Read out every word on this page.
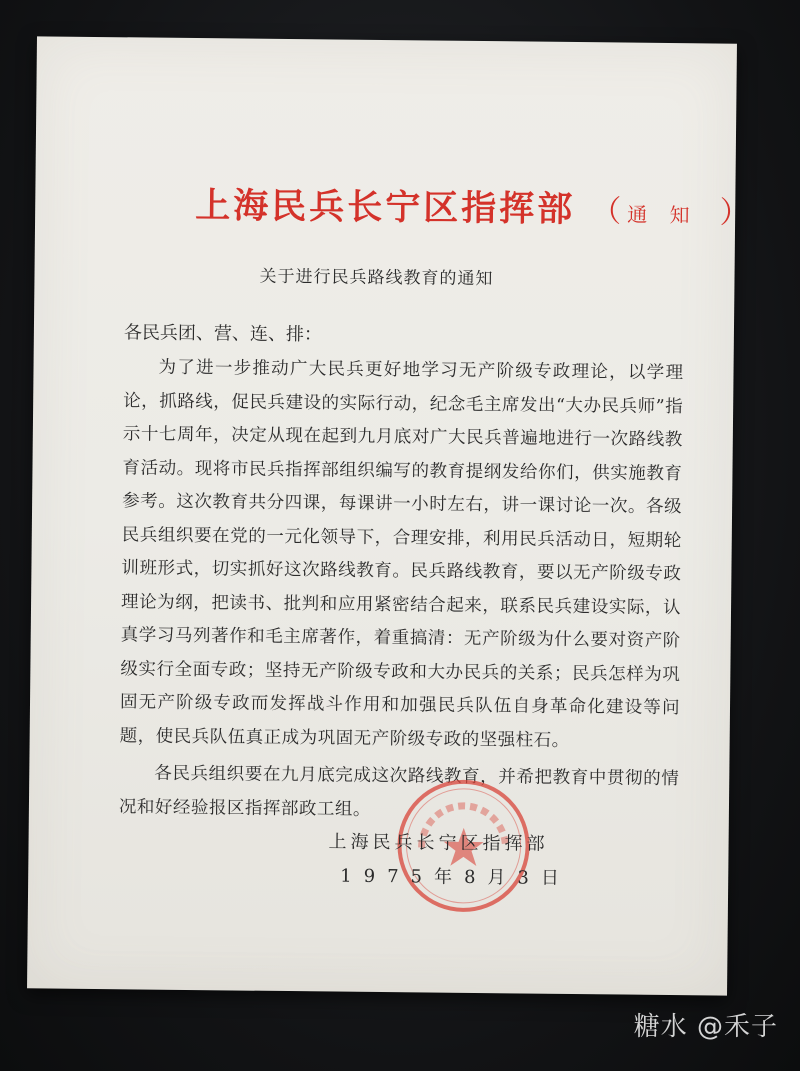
上海民兵长宁区指挥部 （ 通 知 ）
关于进行民兵路线教育的通知
各民兵团、营、连、排：

为了进一步推动广大民兵更好地学习无产阶级专政理论，以学理论，抓路线，促民兵建设的实际行动，纪念毛主席发出“大办民兵师”指示十七周年，决定从现在起到九月底对广大民兵普遍地进行一次路线教育活动。现将市民兵指挥部组织编写的教育提纲发给你们，供实施教育参考。这次教育共分四课，每课讲一小时左右，讲一课讨论一次。各级民兵组织要在党的一元化领导下，合理安排，利用民兵活动日，短期轮训班形式，切实抓好这次路线教育。民兵路线教育，要以无产阶级专政理论为纲，把读书、批判和应用紧密结合起来，联系民兵建设实际，认真学习马列著作和毛主席著作，着重搞清：无产阶级为什么要对资产阶级实行全面专政；坚持无产阶级专政和大办民兵的关系；民兵怎样为巩固无产阶级专政而发挥战斗作用和加强民兵队伍自身革命化建设等问题，使民兵队伍真正成为巩固无产阶级专政的坚强柱石。

各民兵组织要在九月底完成这次路线教育，并希把教育中贯彻的情况和好经验报区指挥部政工组。

上海民兵长宁区指挥部
1975年8月3日
糖水 @禾子
